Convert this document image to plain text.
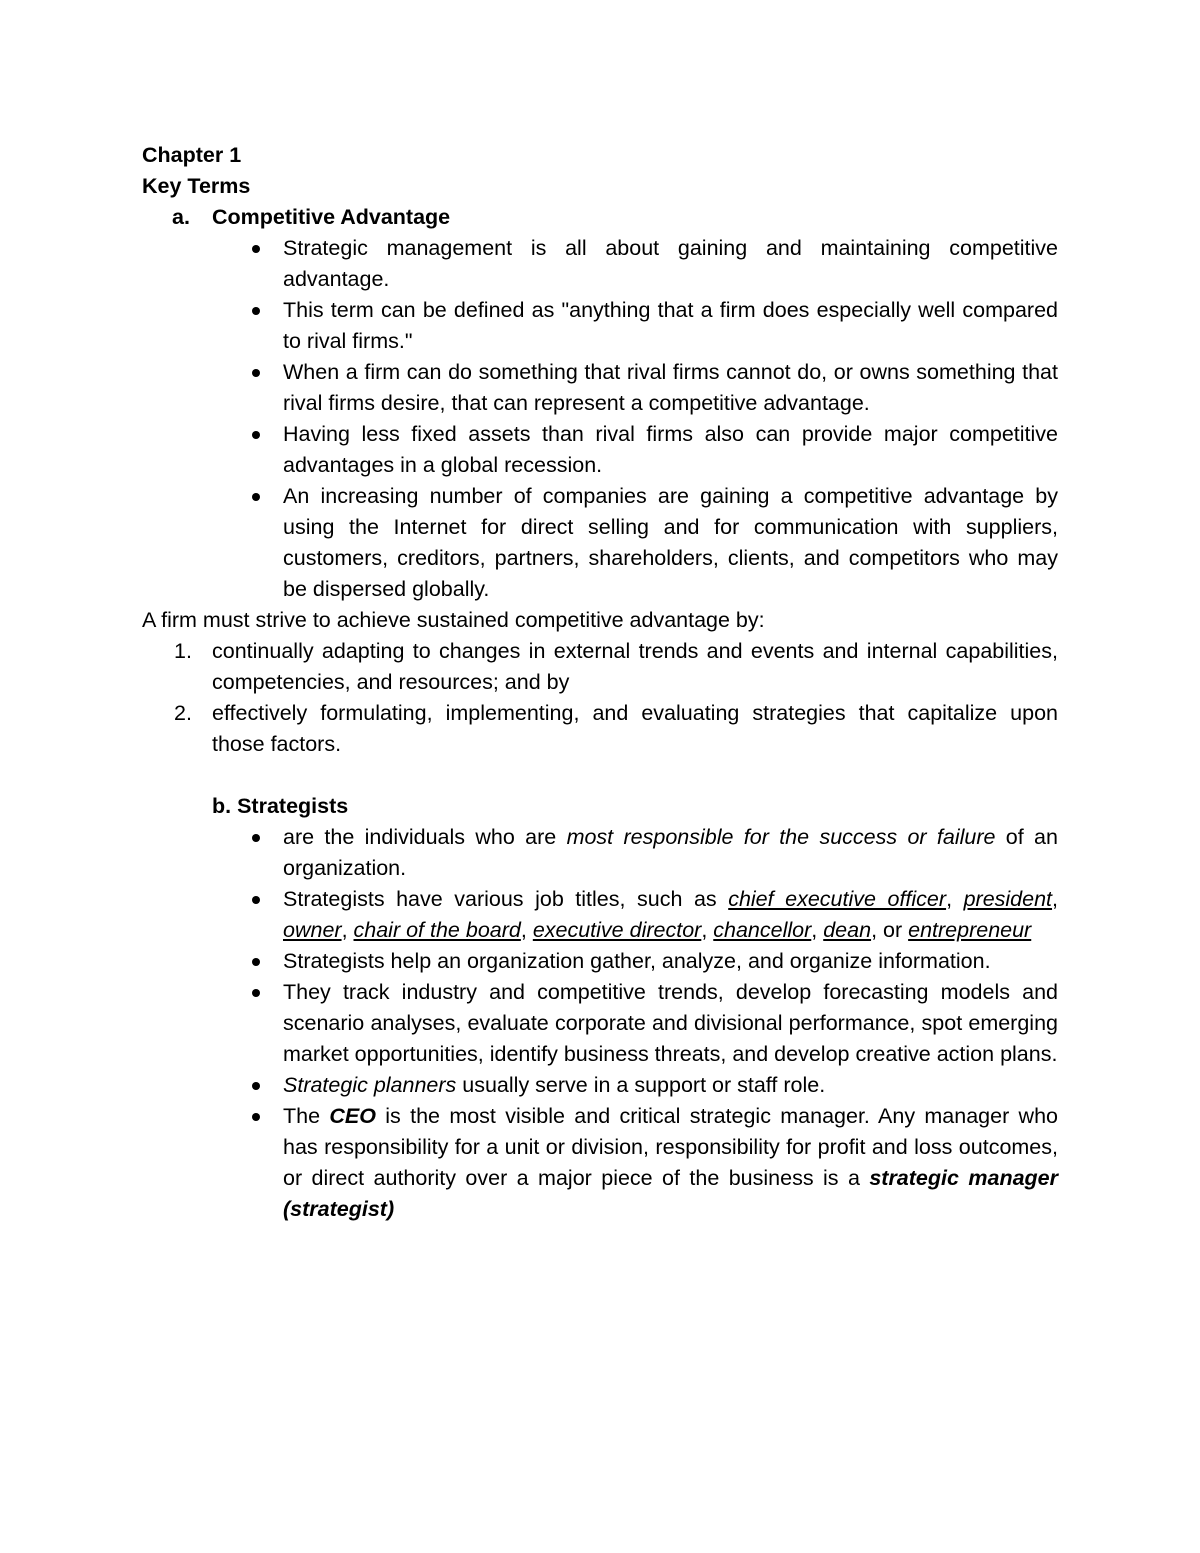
Chapter 1
Key Terms
a.	Competitive Advantage
Strategic management is all about gaining and maintaining competitive advantage.
This term can be defined as "anything that a firm does especially well compared to rival firms."
When a firm can do something that rival firms cannot do, or owns something that rival firms desire, that can represent a competitive advantage.
Having less fixed assets than rival firms also can provide major competitive advantages in a global recession.
An increasing number of companies are gaining a competitive advantage by using the Internet for direct selling and for communication with suppliers, customers, creditors, partners, shareholders, clients, and competitors who may be dispersed globally.
A firm must strive to achieve sustained competitive advantage by:
1. continually adapting to changes in external trends and events and internal capabilities, competencies, and resources; and by
2. effectively formulating, implementing, and evaluating strategies that capitalize upon those factors.
b. Strategists
are the individuals who are most responsible for the success or failure of an organization.
Strategists have various job titles, such as chief executive officer, president, owner, chair of the board, executive director, chancellor, dean, or entrepreneur
Strategists help an organization gather, analyze, and organize information.
They track industry and competitive trends, develop forecasting models and scenario analyses, evaluate corporate and divisional performance, spot emerging market opportunities, identify business threats, and develop creative action plans.
Strategic planners usually serve in a support or staff role.
The CEO is the most visible and critical strategic manager. Any manager who has responsibility for a unit or division, responsibility for profit and loss outcomes, or direct authority over a major piece of the business is a strategic manager (strategist)
